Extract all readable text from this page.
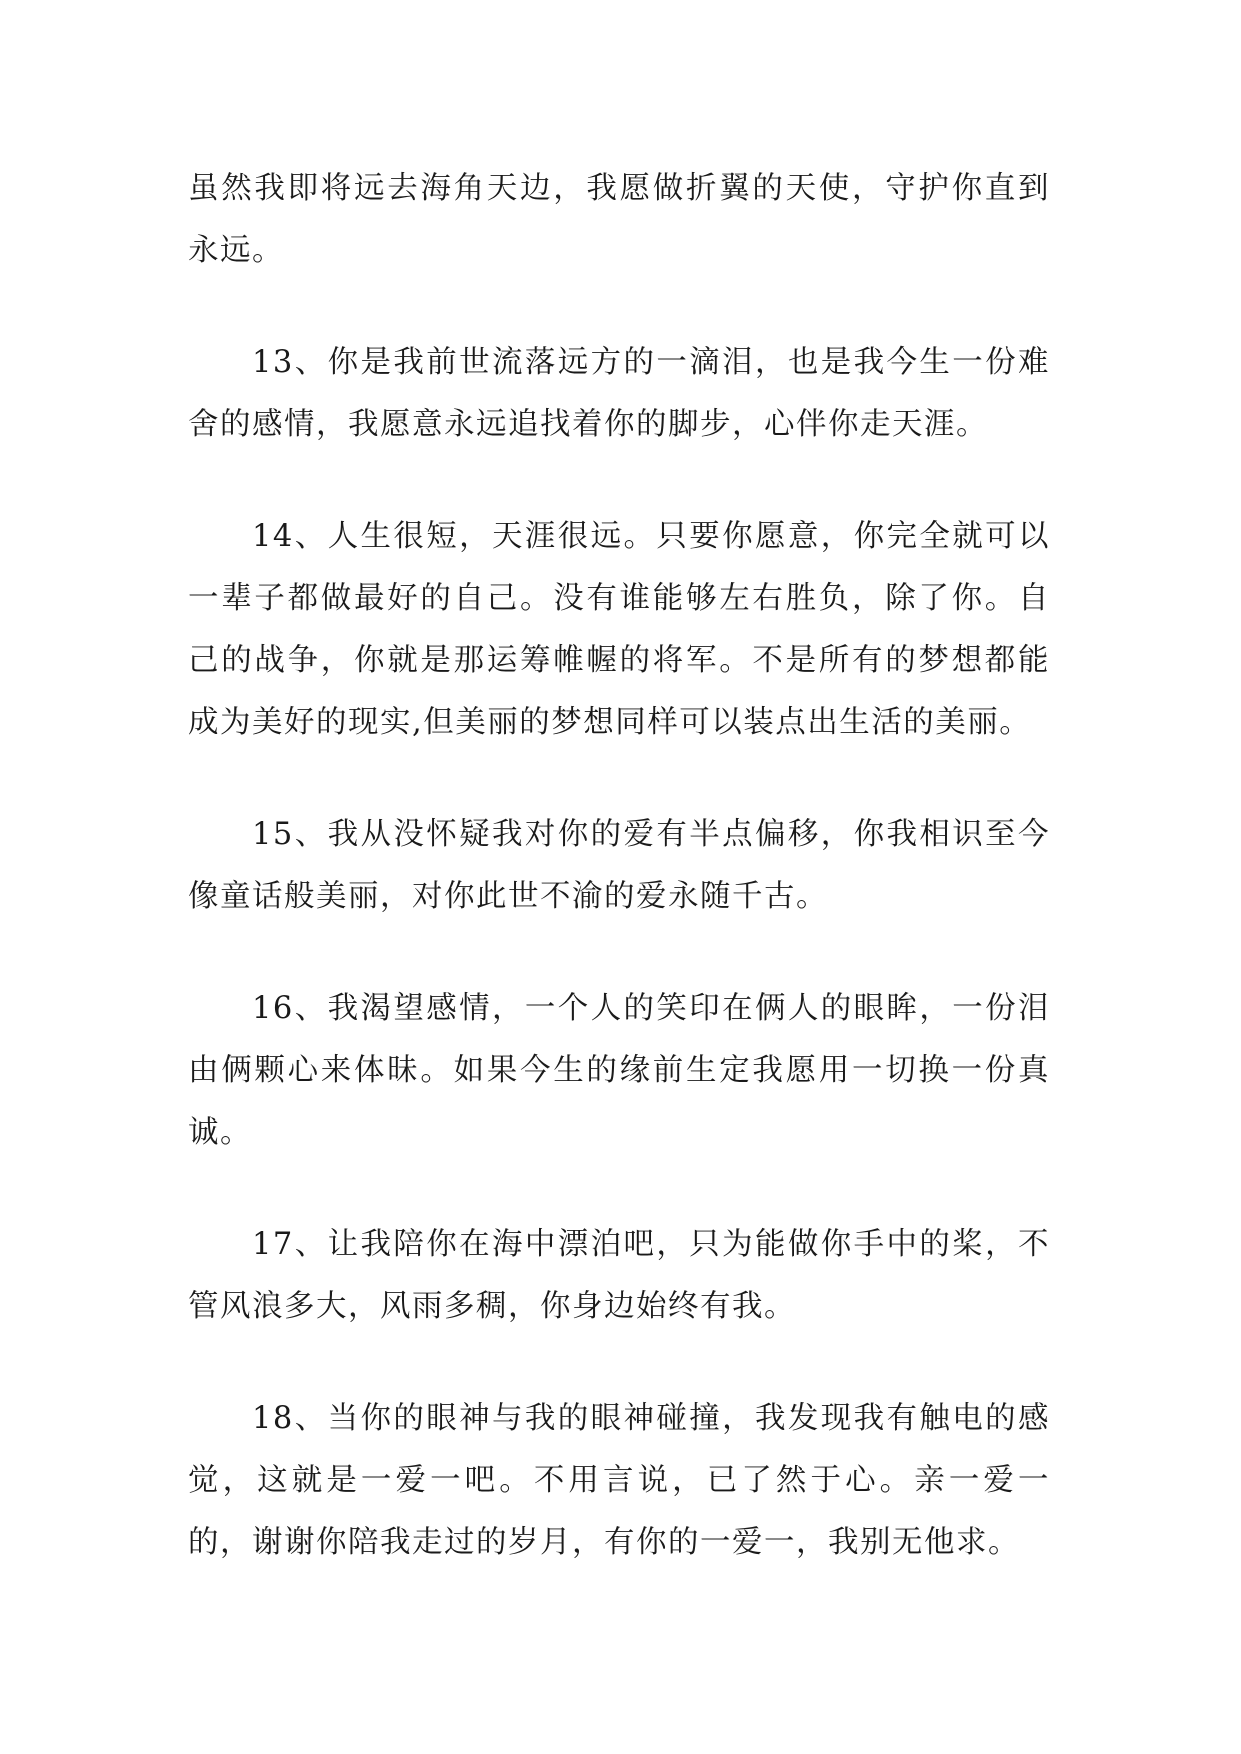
虽然我即将远去海角天边，我愿做折翼的天使，守护你直到永远。

13、你是我前世流落远方的一滴泪，也是我今生一份难舍的感情，我愿意永远追找着你的脚步，心伴你走天涯。

14、人生很短，天涯很远。只要你愿意，你完全就可以一辈子都做最好的自己。没有谁能够左右胜负，除了你。自己的战争，你就是那运筹帷幄的将军。不是所有的梦想都能成为美好的现实,但美丽的梦想同样可以装点出生活的美丽。

15、我从没怀疑我对你的爱有半点偏移，你我相识至今像童话般美丽，对你此世不渝的爱永随千古。

16、我渴望感情，一个人的笑印在俩人的眼眸，一份泪由俩颗心来体昧。如果今生的缘前生定我愿用一切换一份真诚。

17、让我陪你在海中漂泊吧，只为能做你手中的桨，不管风浪多大，风雨多稠，你身边始终有我。

18、当你的眼神与我的眼神碰撞，我发现我有触电的感觉，这就是一爱一吧。不用言说，已了然于心。亲一爱一的，谢谢你陪我走过的岁月，有你的一爱一，我别无他求。
